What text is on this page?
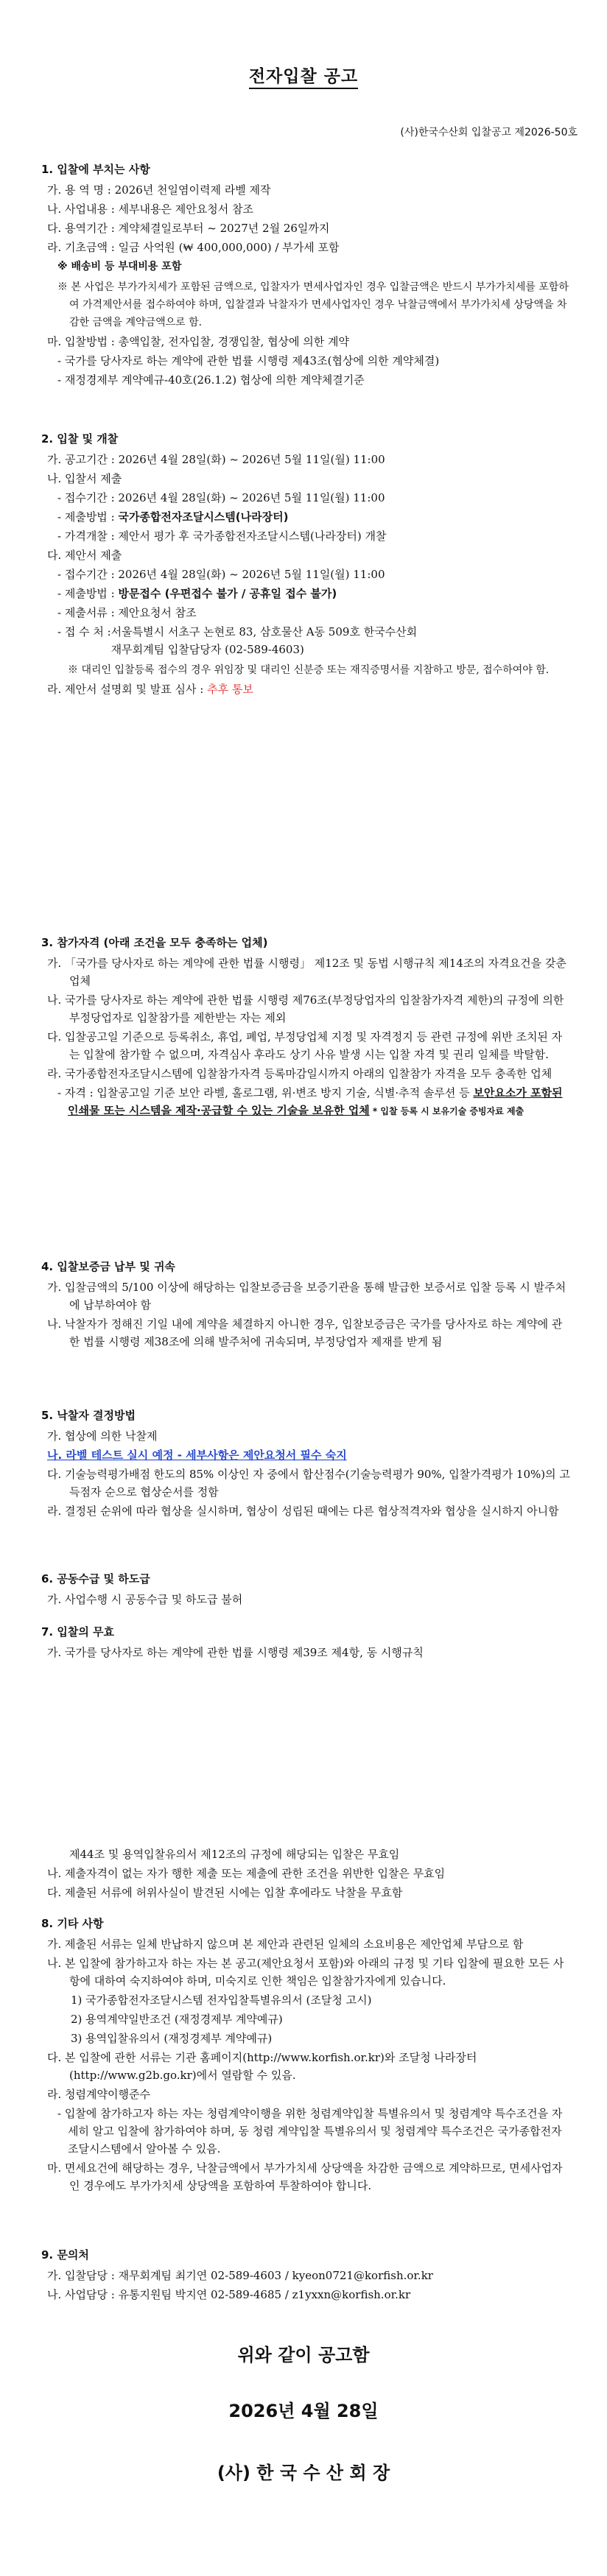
전자입찰 공고
(사)한국수산회 입찰공고 제2026-50호

1. 입찰에 부치는 사항

가. 용 역 명 : 2026년 천일염이력제 라벨 제작

나. 사업내용 : 세부내용은 제안요청서 참조

다. 용역기간 : 계약체결일로부터 ~ 2027년 2월 26일까지

라. 기초금액 : 일금 사억원 (₩ 400,000,000) / 부가세 포함

※ 배송비 등 부대비용 포함

※ 본 사업은 부가가치세가 포함된 금액으로, 입찰자가 면세사업자인 경우 입찰금액은 반드시 부가가치세를 포함하여 가격제안서를 접수하여야 하며, 입찰결과 낙찰자가 면세사업자인 경우 낙찰금액에서 부가가치세 상당액을 차감한 금액을 계약금액으로 함.

마. 입찰방법 : 총액입찰, 전자입찰, 경쟁입찰, 협상에 의한 계약

- 국가를 당사자로 하는 계약에 관한 법률 시행령 제43조(협상에 의한 계약체결)

- 재정경제부 계약예규-40호(26.1.2) 협상에 의한 계약체결기준

2. 입찰 및 개찰

가. 공고기간 : 2026년 4월 28일(화) ~ 2026년 5월 11일(월) 11:00

나. 입찰서 제출

- 접수기간 : 2026년 4월 28일(화) ~ 2026년 5월 11일(월) 11:00

- 제출방법 : 국가종합전자조달시스템(나라장터)

- 가격개찰 : 제안서 평가 후 국가종합전자조달시스템(나라장터) 개찰

다. 제안서 제출

- 접수기간 : 2026년 4월 28일(화) ~ 2026년 5월 11일(월) 11:00

- 제출방법 : 방문접수 (우편접수 불가 / 공휴일 접수 불가)

- 제출서류 : 제안요청서 참조

- 접 수 처 : 서울특별시 서초구 논현로 83, 삼호물산 A동 509호 한국수산회
재무회계팀 입찰담당자 (02-589-4603)

※ 대리인 입찰등록 접수의 경우 위임장 및 대리인 신분증 또는 재직증명서를 지참하고 방문, 접수하여야 함.

라. 제안서 설명회 및 발표 심사 : 추후 통보

3. 참가자격 (아래 조건을 모두 충족하는 업체)

가. 「국가를 당사자로 하는 계약에 관한 법률 시행령」 제12조 및 동법 시행규칙 제14조의 자격요건을 갖춘 업체

나. 국가를 당사자로 하는 계약에 관한 법률 시행령 제76조(부정당업자의 입찰참가자격 제한)의 규정에 의한 부정당업자로 입찰참가를 제한받는 자는 제외

다. 입찰공고일 기준으로 등록취소, 휴업, 폐업, 부정당업체 지정 및 자격정지 등 관련 규정에 위반 조치된 자는 입찰에 참가할 수 없으며, 자격심사 후라도 상기 사유 발생 시는 입찰 자격 및 권리 일체를 박탈함.

라. 국가종합전자조달시스템에 입찰참가자격 등록마감일시까지 아래의 입찰참가 자격을 모두 충족한 업체

- 자격 : 입찰공고일 기준 보안 라벨, 홀로그램, 위·변조 방지 기술, 식별·추적 솔루션 등 보안요소가 포함된 인쇄물 또는 시스템을 제작·공급할 수 있는 기술을 보유한 업체 * 입찰 등록 시 보유기술 증빙자료 제출

4. 입찰보증금 납부 및 귀속

가. 입찰금액의 5/100 이상에 해당하는 입찰보증금을 보증기관을 통해 발급한 보증서로 입찰 등록 시 발주처에 납부하여야 함

나. 낙찰자가 정해진 기일 내에 계약을 체결하지 아니한 경우, 입찰보증금은 국가를 당사자로 하는 계약에 관한 법률 시행령 제38조에 의해 발주처에 귀속되며, 부정당업자 제재를 받게 됨

5. 낙찰자 결정방법

가. 협상에 의한 낙찰제

나. 라벨 테스트 실시 예정 - 세부사항은 제안요청서 필수 숙지

다. 기술능력평가배점 한도의 85% 이상인 자 중에서 합산점수(기술능력평가 90%, 입찰가격평가 10%)의 고득점자 순으로 협상순서를 정함

라. 결정된 순위에 따라 협상을 실시하며, 협상이 성립된 때에는 다른 협상적격자와 협상을 실시하지 아니함

6. 공동수급 및 하도급

가. 사업수행 시 공동수급 및 하도급 불허

7. 입찰의 무효

가. 국가를 당사자로 하는 계약에 관한 법률 시행령 제39조 제4항, 동 시행규칙

제44조 및 용역입찰유의서 제12조의 규정에 해당되는 입찰은 무효임

나. 제출자격이 없는 자가 행한 제출 또는 제출에 관한 조건을 위반한 입찰은 무효임

다. 제출된 서류에 허위사실이 발견된 시에는 입찰 후에라도 낙찰을 무효함

8. 기타 사항

가. 제출된 서류는 일체 반납하지 않으며 본 제안과 관련된 일체의 소요비용은 제안업체 부담으로 함

나. 본 입찰에 참가하고자 하는 자는 본 공고(제안요청서 포함)와 아래의 규정 및 기타 입찰에 필요한 모든 사항에 대하여 숙지하여야 하며, 미숙지로 인한 책임은 입찰참가자에게 있습니다.

1) 국가종합전자조달시스템 전자입찰특별유의서 (조달청 고시)

2) 용역계약일반조건 (재정경제부 계약예규)

3) 용역입찰유의서 (재정경제부 계약예규)

다. 본 입찰에 관한 서류는 기관 홈페이지(http://www.korfish.or.kr)와 조달청 나라장터(http://www.g2b.go.kr)에서 열람할 수 있음.

라. 청렴계약이행준수

- 입찰에 참가하고자 하는 자는 청렴계약이행을 위한 청렴계약입찰 특별유의서 및 청렴계약 특수조건을 자세히 알고 입찰에 참가하여야 하며, 동 청렴 계약입찰 특별유의서 및 청렴계약 특수조건은 국가종합전자조달시스템에서 알아볼 수 있음.

마. 면세요건에 해당하는 경우, 낙찰금액에서 부가가치세 상당액을 차감한 금액으로 계약하므로, 면세사업자인 경우에도 부가가치세 상당액을 포함하여 투찰하여야 합니다.

9. 문의처

가. 입찰담당 : 재무회계팀 최기연 02-589-4603 / kyeon0721@korfish.or.kr

나. 사업담당 : 유통지원팀 박지연 02-589-4685 / z1yxxn@korfish.or.kr

위와 같이 공고함
2026년 4월 28일
(사) 한 국 수 산 회 장
